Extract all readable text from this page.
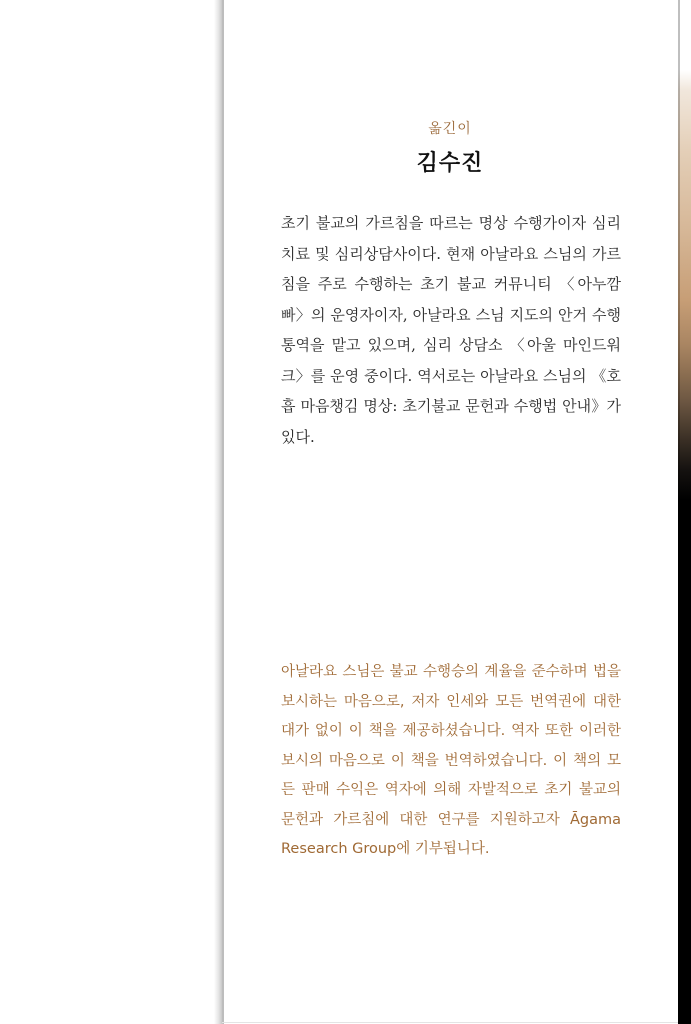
옮긴이
김수진

초기 불교의 가르침을 따르는 명상 수행가이자 심리치료 및 심리상담사이다. 현재 아날라요 스님의 가르침을 주로 수행하는 초기 불교 커뮤니티 〈아누깜빠〉의 운영자이자, 아날라요 스님 지도의 안거 수행 통역을 맡고 있으며, 심리 상담소 〈아울 마인드워크〉를 운영 중이다. 역서로는 아날라요 스님의 《호흡 마음챙김 명상: 초기불교 문헌과 수행법 안내》가 있다.

아날라요 스님은 불교 수행승의 계율을 준수하며 법을 보시하는 마음으로, 저자 인세와 모든 번역권에 대한 대가 없이 이 책을 제공하셨습니다. 역자 또한 이러한 보시의 마음으로 이 책을 번역하였습니다. 이 책의 모든 판매 수익은 역자에 의해 자발적으로 초기 불교의 문헌과 가르침에 대한 연구를 지원하고자 Āgama Research Group에 기부됩니다.
